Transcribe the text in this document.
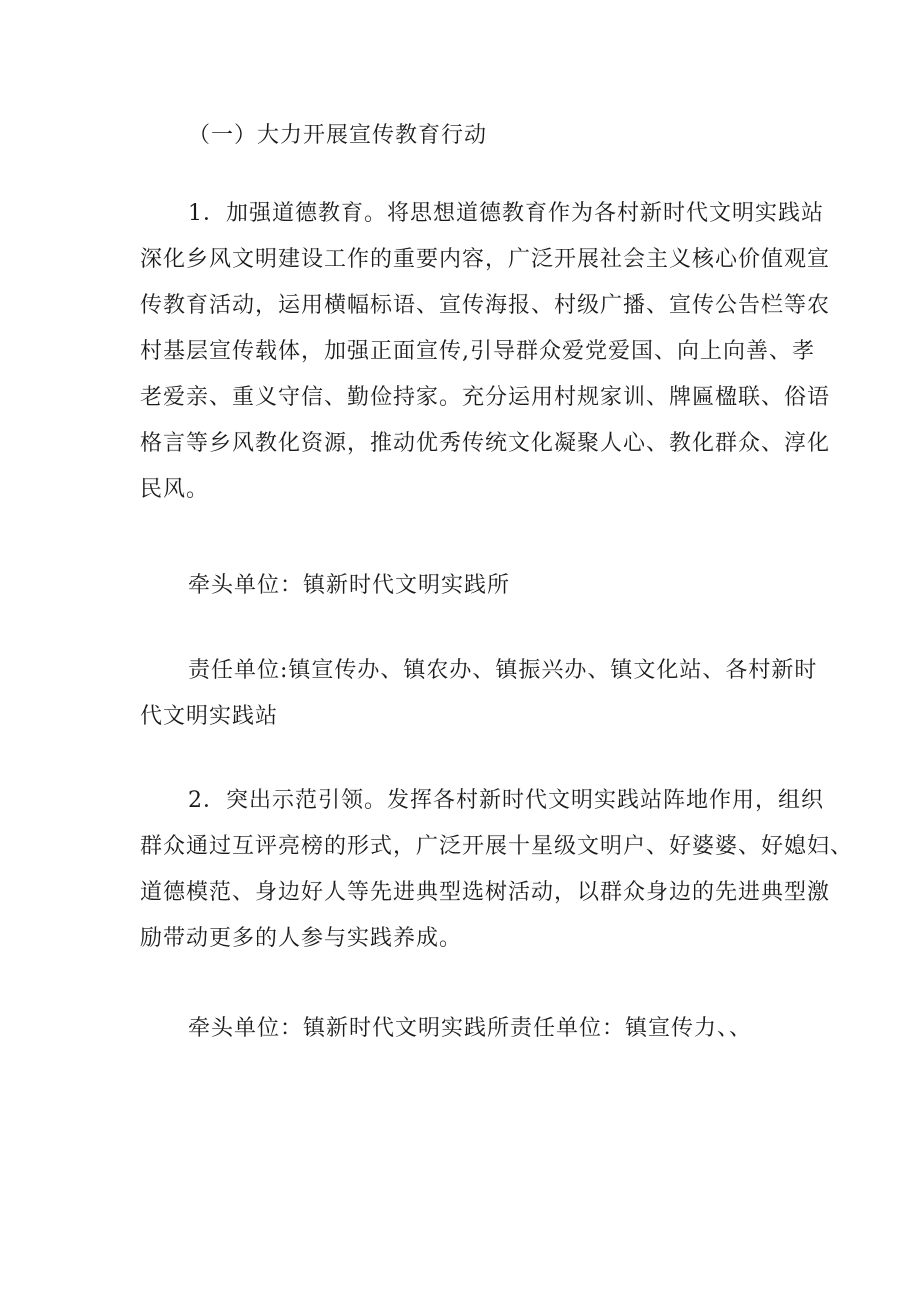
（一）大力开展宣传教育行动
1．加强道德教育。将思想道德教育作为各村新时代文明实践站
深化乡风文明建设工作的重要内容，广泛开展社会主义核心价值观宣
传教育活动，运用横幅标语、宣传海报、村级广播、宣传公告栏等农
村基层宣传载体，加强正面宣传,引导群众爱党爱国、向上向善、孝
老爱亲、重义守信、勤俭持家。充分运用村规家训、牌匾楹联、俗语
格言等乡风教化资源，推动优秀传统文化凝聚人心、教化群众、淳化
民风。
牵头单位：镇新时代文明实践所
责任单位:镇宣传办、镇农办、镇振兴办、镇文化站、各村新时
代文明实践站
2．突出示范引领。发挥各村新时代文明实践站阵地作用，组织
群众通过互评亮榜的形式，广泛开展十星级文明户、好婆婆、好媳妇、
道德模范、身边好人等先进典型选树活动，以群众身边的先进典型激
励带动更多的人参与实践养成。
牵头单位：镇新时代文明实践所责任单位：镇宣传力、、
